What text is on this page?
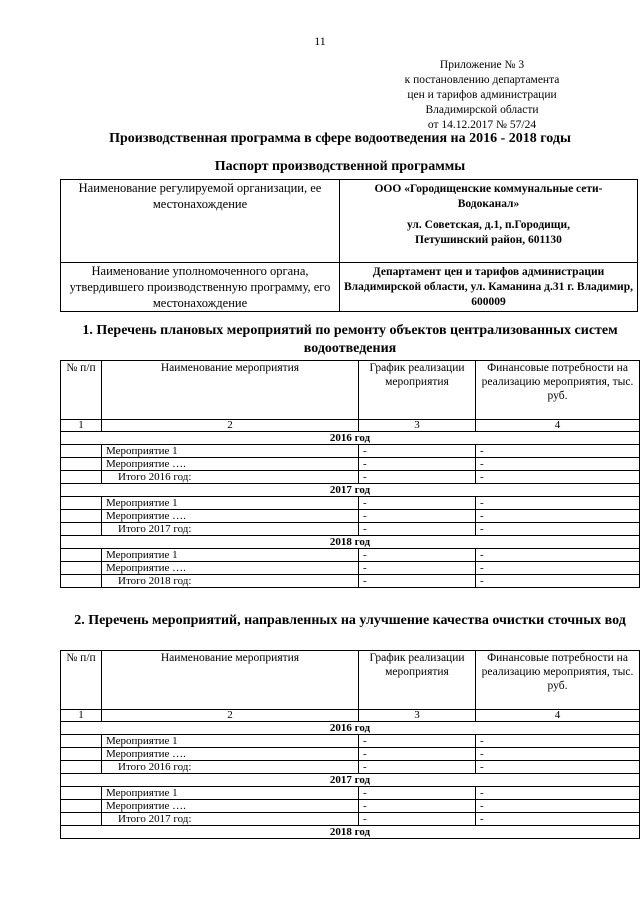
11
Приложение № 3
к постановлению департамента
цен и тарифов администрации
Владимирской области
от 14.12.2017 № 57/24
Производственная программа в сфере водоотведения на 2016 - 2018 годы
Паспорт производственной программы
Наименование регулируемой организации, ее местонахождение	ООО «Городищенские коммунальные сети-Водоканал»
ул. Советская, д.1, п.Городищи, Петушинский район, 601130

Наименование уполномоченного органа, утвердившего производственную программу, его местонахождение	Департамент цен и тарифов администрации Владимирской области, ул. Каманина д.31 г. Владимир, 600009
1. Перечень плановых мероприятий по ремонту объектов централизованных систем водоотведения
№ п/п	Наименование мероприятия	График реализации мероприятия	Финансовые потребности на реализацию мероприятия, тыс. руб.
1	2	3	4
2016 год			
	Мероприятие 1	-	-
	Мероприятие ….	-	-
	Итого 2016 год:	-	-
2017 год			
	Мероприятие 1	-	-
	Мероприятие ….	-	-
	Итого 2017 год:	-	-
2018 год			
	Мероприятие 1	-	-
	Мероприятие ….	-	-
	Итого 2018 год:	-	-
2. Перечень мероприятий, направленных на улучшение качества очистки сточных вод
№ п/п	Наименование мероприятия	График реализации мероприятия	Финансовые потребности на реализацию мероприятия, тыс. руб.
1	2	3	4
2016 год			
	Мероприятие 1	-	-
	Мероприятие ….	-	-
	Итого 2016 год:	-	-
2017 год			
	Мероприятие 1	-	-
	Мероприятие ….	-	-
	Итого 2017 год:	-	-
2018 год			
